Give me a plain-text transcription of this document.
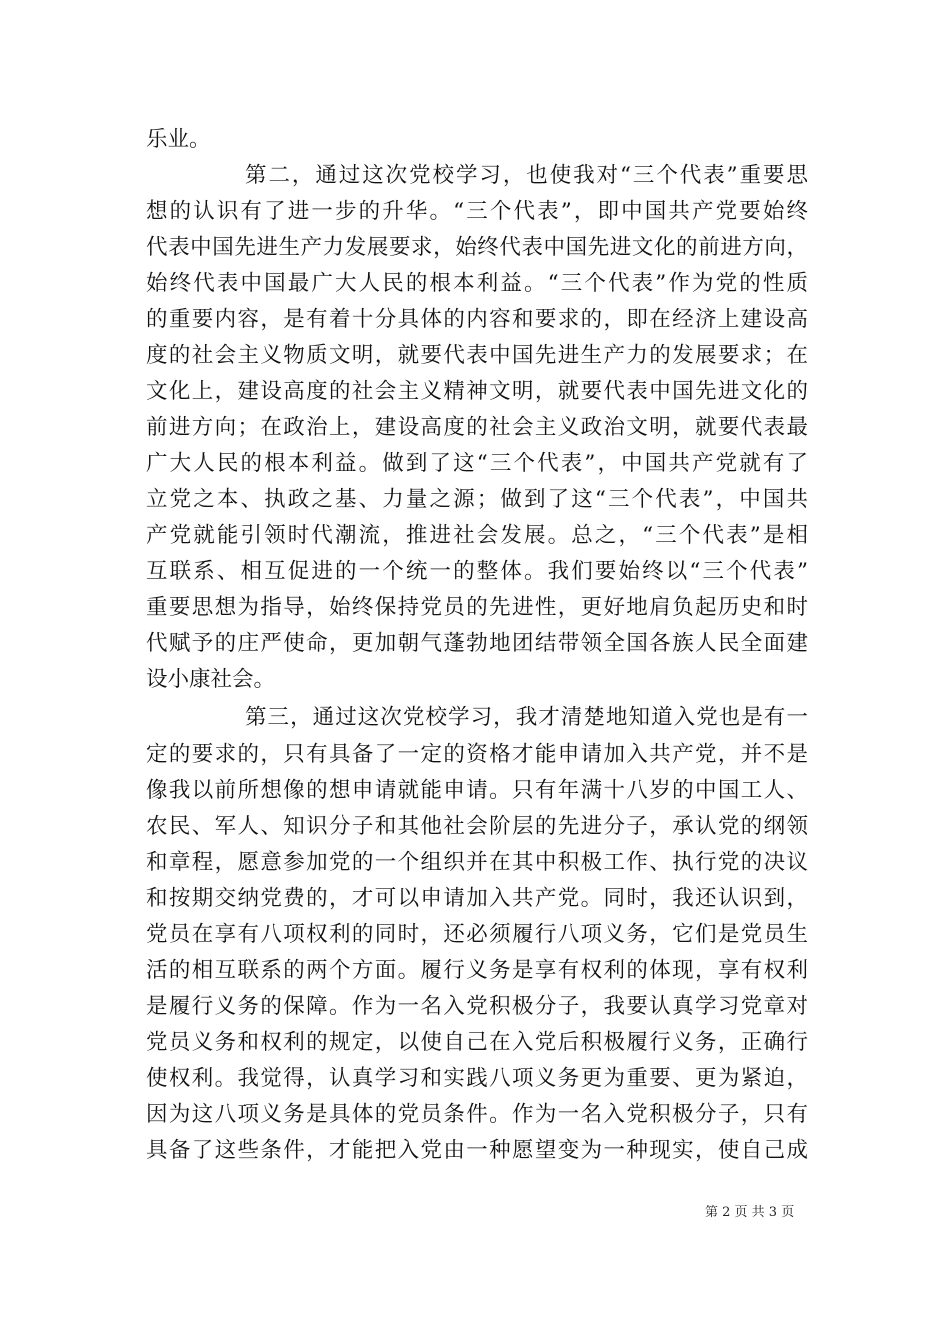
乐业。
第二，通过这次党校学习，也使我对“三个代表”重要思
想的认识有了进一步的升华。“三个代表”，即中国共产党要始终
代表中国先进生产力发展要求，始终代表中国先进文化的前进方向，
始终代表中国最广大人民的根本利益。“三个代表”作为党的性质
的重要内容，是有着十分具体的内容和要求的，即在经济上建设高
度的社会主义物质文明，就要代表中国先进生产力的发展要求；在
文化上，建设高度的社会主义精神文明，就要代表中国先进文化的
前进方向；在政治上，建设高度的社会主义政治文明，就要代表最
广大人民的根本利益。做到了这“三个代表”，中国共产党就有了
立党之本、执政之基、力量之源；做到了这“三个代表”，中国共
产党就能引领时代潮流，推进社会发展。总之，“三个代表”是相
互联系、相互促进的一个统一的整体。我们要始终以“三个代表”
重要思想为指导，始终保持党员的先进性，更好地肩负起历史和时
代赋予的庄严使命，更加朝气蓬勃地团结带领全国各族人民全面建
设小康社会。
第三，通过这次党校学习，我才清楚地知道入党也是有一
定的要求的，只有具备了一定的资格才能申请加入共产党，并不是
像我以前所想像的想申请就能申请。只有年满十八岁的中国工人、
农民、军人、知识分子和其他社会阶层的先进分子，承认党的纲领
和章程，愿意参加党的一个组织并在其中积极工作、执行党的决议
和按期交纳党费的，才可以申请加入共产党。同时，我还认识到，
党员在享有八项权利的同时，还必须履行八项义务，它们是党员生
活的相互联系的两个方面。履行义务是享有权利的体现，享有权利
是履行义务的保障。作为一名入党积极分子，我要认真学习党章对
党员义务和权利的规定，以使自己在入党后积极履行义务，正确行
使权利。我觉得，认真学习和实践八项义务更为重要、更为紧迫，
因为这八项义务是具体的党员条件。作为一名入党积极分子，只有
具备了这些条件，才能把入党由一种愿望变为一种现实，使自己成
第 2 页 共 3 页
